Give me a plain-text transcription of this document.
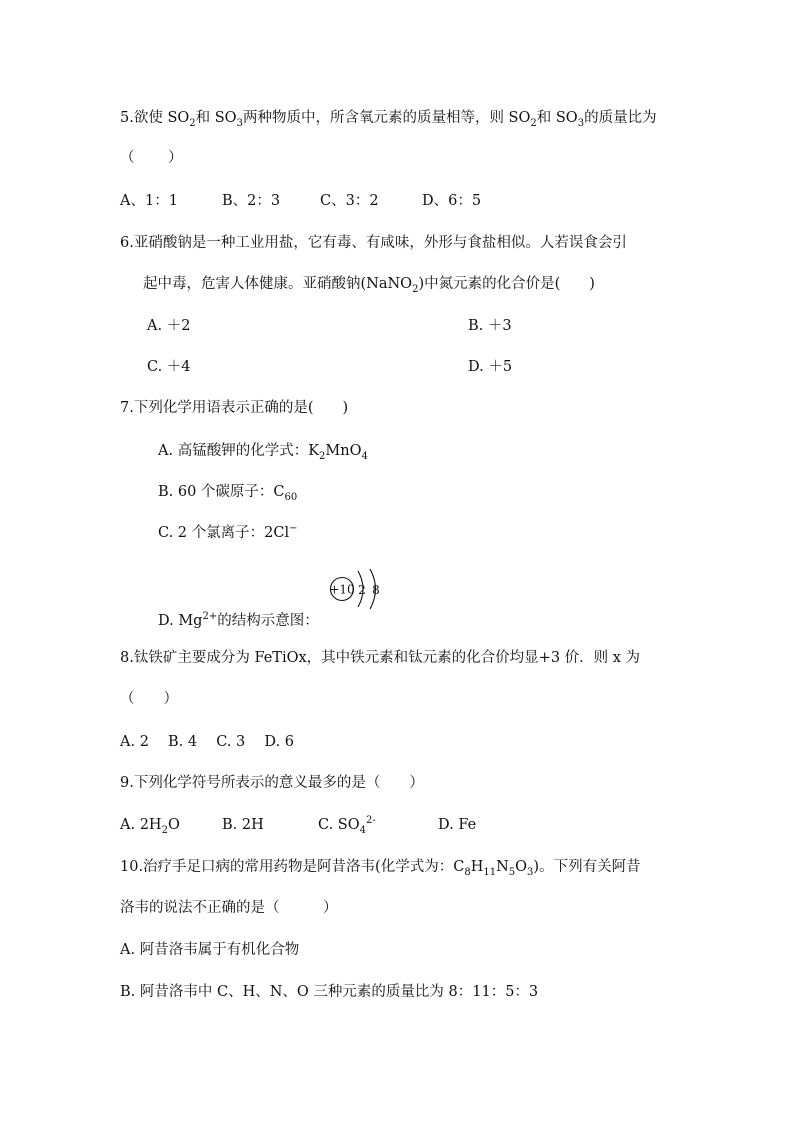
5.欲使 $SO_2$和 $SO_3$两种物质中，所含氧元素的质量相等，则 $SO_2$和 $SO_3$的质量比为
（　　 ）
A、1：1	B、2：3	C、3：2	D、6：5
6.亚硝酸钠是一种工业用盐，它有毒、有咸味，外形与食盐相似。人若误食会引
起中毒，危害人体健康。亚硝酸钠(NaNO$_2$)中氮元素的化合价是(　　)
A. ＋2	B. ＋3
C. ＋4	D. ＋5
7.下列化学用语表示正确的是(　　)
A. 高锰酸钾的化学式：$K_2MnO_4$
B. 60 个碳原子：$C_{60}$
C. 2 个氯离子：2Cl−
D. $Mg^{2+}$的结构示意图：
+10 2 8
8.钛铁矿主要成分为 FeTiOx，其中铁元素和钛元素的化合价均显+3 价．则 x 为
（　　）
A. 2　 B. 4　 C. 3　 D. 6
9.下列化学符号所表示的意义最多的是（　　）
A. $2H_2O$	B. 2H	C. $SO_4^{2-}$	D. Fe
10.治疗手足口病的常用药物是阿昔洛韦(化学式为：$C_8H_{11}N_5O_3$)。下列有关阿昔
洛韦的说法不正确的是（　　　）
A. 阿昔洛韦属于有机化合物
B. 阿昔洛韦中 C、H、N、O 三种元素的质量比为 8：11：5：3
